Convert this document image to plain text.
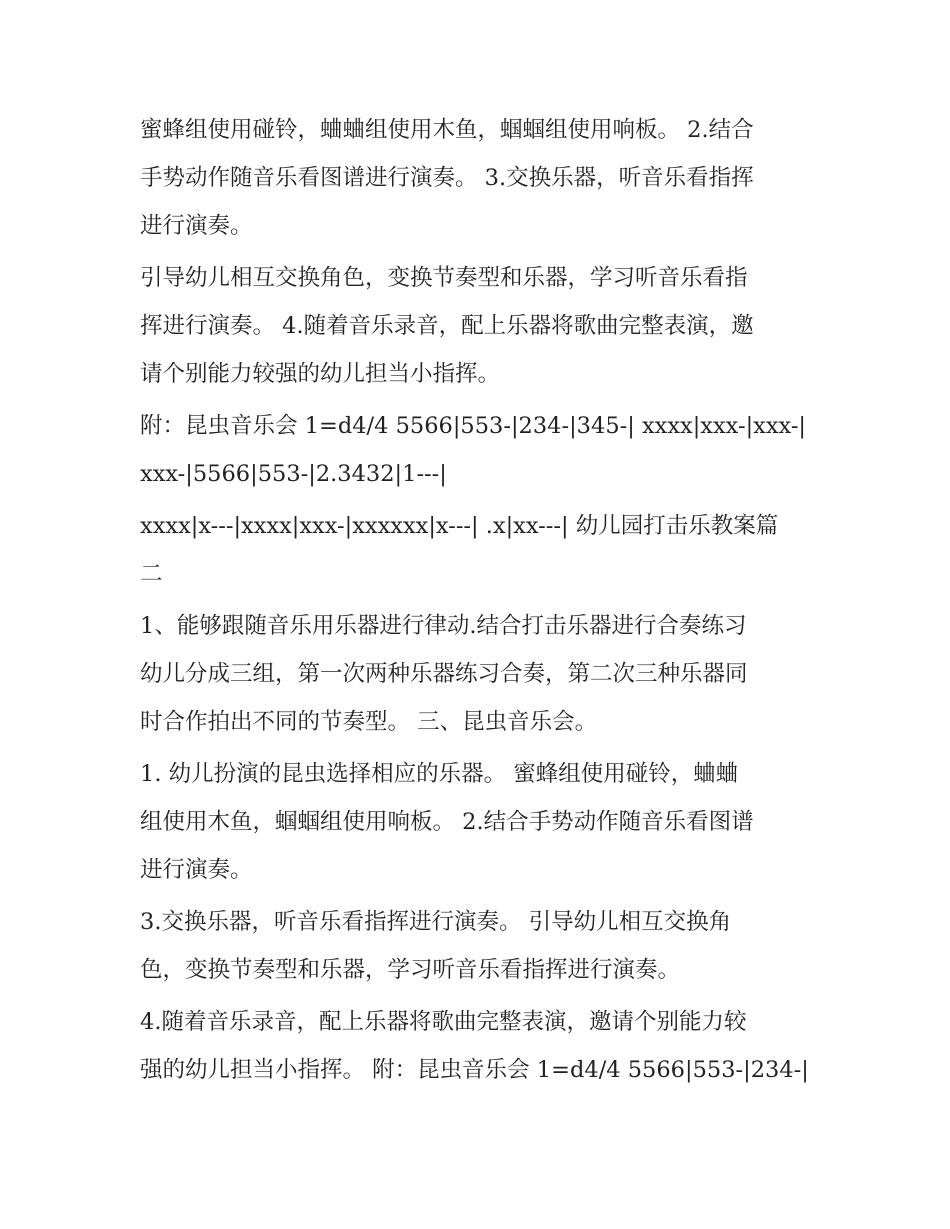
蜜蜂组使用碰铃，蛐蛐组使用木鱼，蝈蝈组使用响板。 2.结合
手势动作随音乐看图谱进行演奏。 3.交换乐器，听音乐看指挥
进行演奏。
引导幼儿相互交换角色，变换节奏型和乐器，学习听音乐看指
挥进行演奏。 4.随着音乐录音，配上乐器将歌曲完整表演，邀
请个别能力较强的幼儿担当小指挥。
附：昆虫音乐会 1=d4/4 5566|553-|234-|345-| xxxx|xxx-|xxx-|
xxx-|5566|553-|2.3432|1---|
xxxx|x---|xxxx|xxx-|xxxxxx|x---| .x|xx---| 幼儿园打击乐教案篇
二
1、能够跟随音乐用乐器进行律动.结合打击乐器进行合奏练习
幼儿分成三组，第一次两种乐器练习合奏，第二次三种乐器同
时合作拍出不同的节奏型。 三、昆虫音乐会。
1. 幼儿扮演的昆虫选择相应的乐器。 蜜蜂组使用碰铃，蛐蛐
组使用木鱼，蝈蝈组使用响板。 2.结合手势动作随音乐看图谱
进行演奏。
3.交换乐器，听音乐看指挥进行演奏。 引导幼儿相互交换角
色，变换节奏型和乐器，学习听音乐看指挥进行演奏。
4.随着音乐录音，配上乐器将歌曲完整表演，邀请个别能力较
强的幼儿担当小指挥。 附：昆虫音乐会 1=d4/4 5566|553-|234-|
